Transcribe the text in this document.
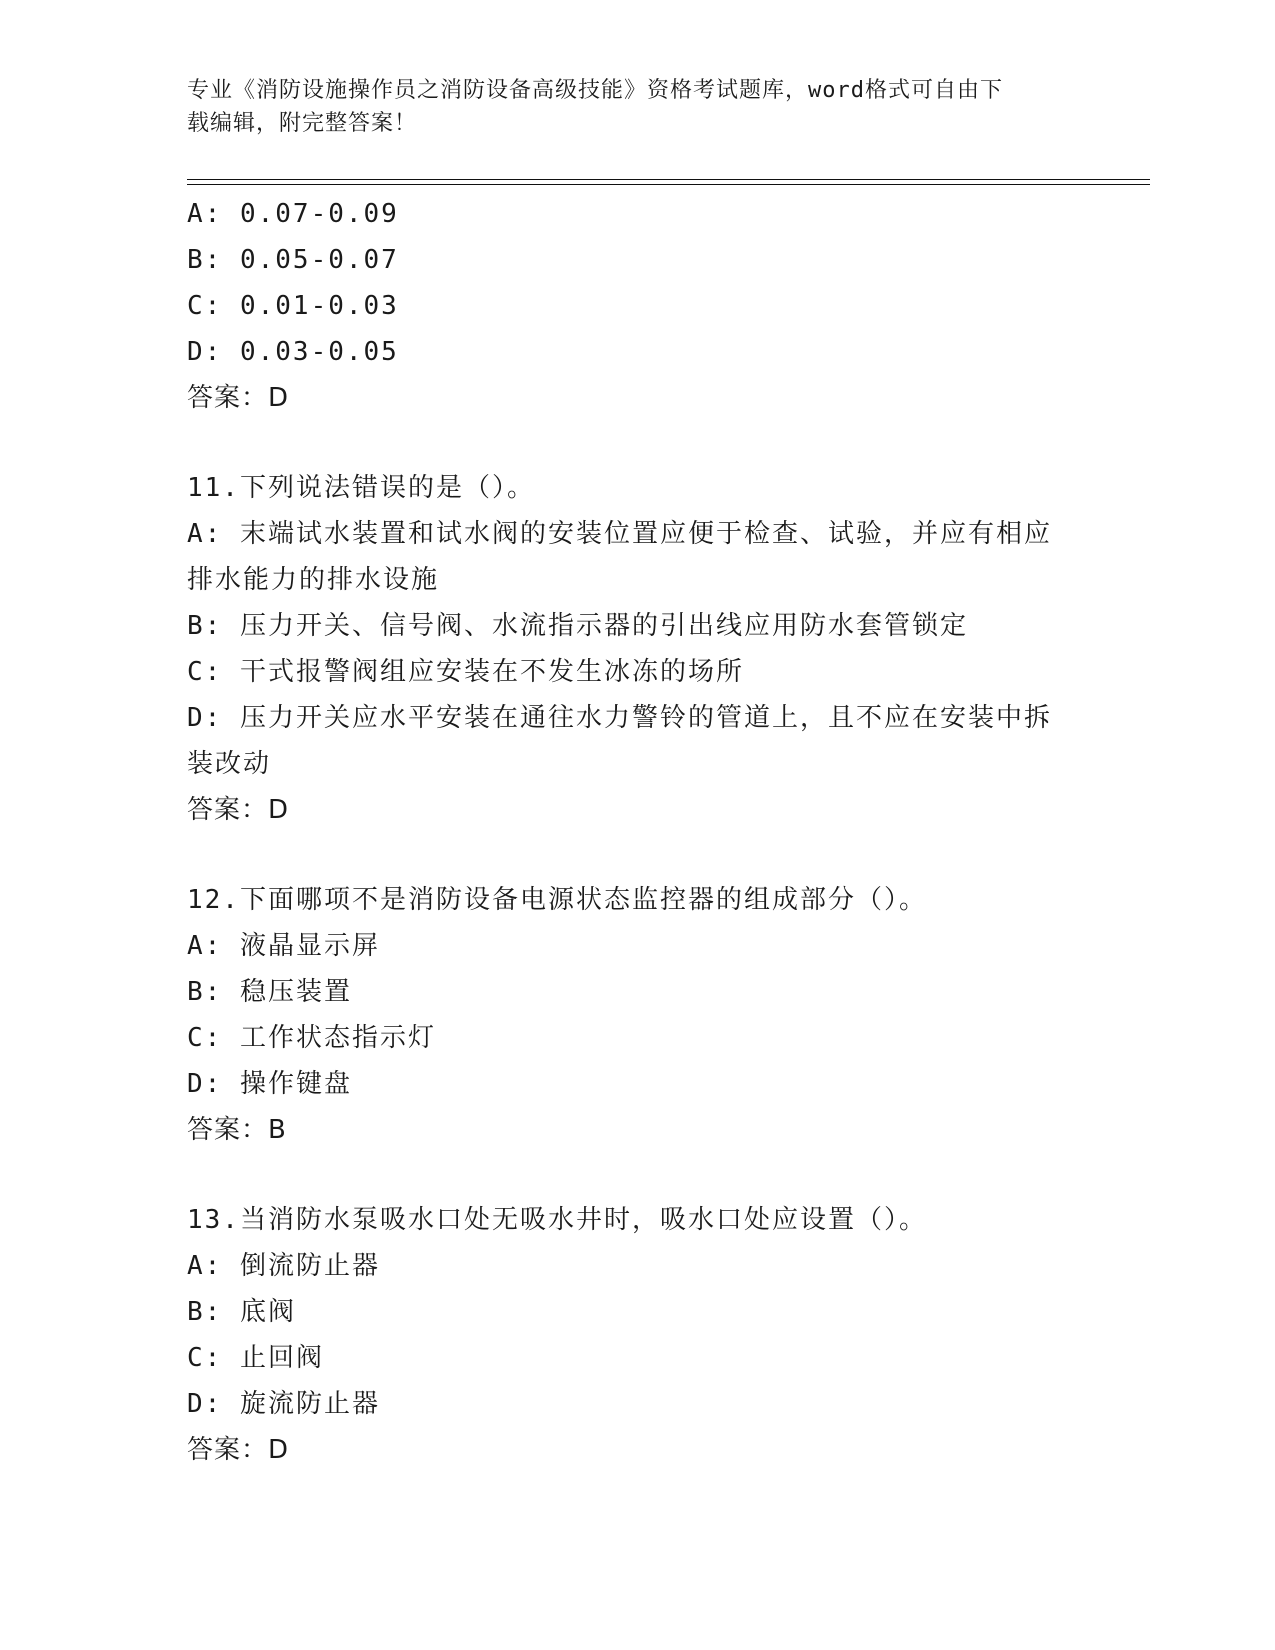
专业《消防设施操作员之消防设备高级技能》资格考试题库，word格式可自由下
载编辑，附完整答案！
A: 0.07-0.09
B: 0.05-0.07
C: 0.01-0.03
D: 0.03-0.05
答案：D
11.下列说法错误的是（）。
A: 末端试水装置和试水阀的安装位置应便于检查、试验，并应有相应排水能力的排水设施
B: 压力开关、信号阀、水流指示器的引出线应用防水套管锁定
C: 干式报警阀组应安装在不发生冰冻的场所
D: 压力开关应水平安装在通往水力警铃的管道上，且不应在安装中拆装改动
答案：D
12.下面哪项不是消防设备电源状态监控器的组成部分（）。
A: 液晶显示屏
B: 稳压装置
C: 工作状态指示灯
D: 操作键盘
答案：B
13.当消防水泵吸水口处无吸水井时，吸水口处应设置（）。
A: 倒流防止器
B: 底阀
C: 止回阀
D: 旋流防止器
答案：D
